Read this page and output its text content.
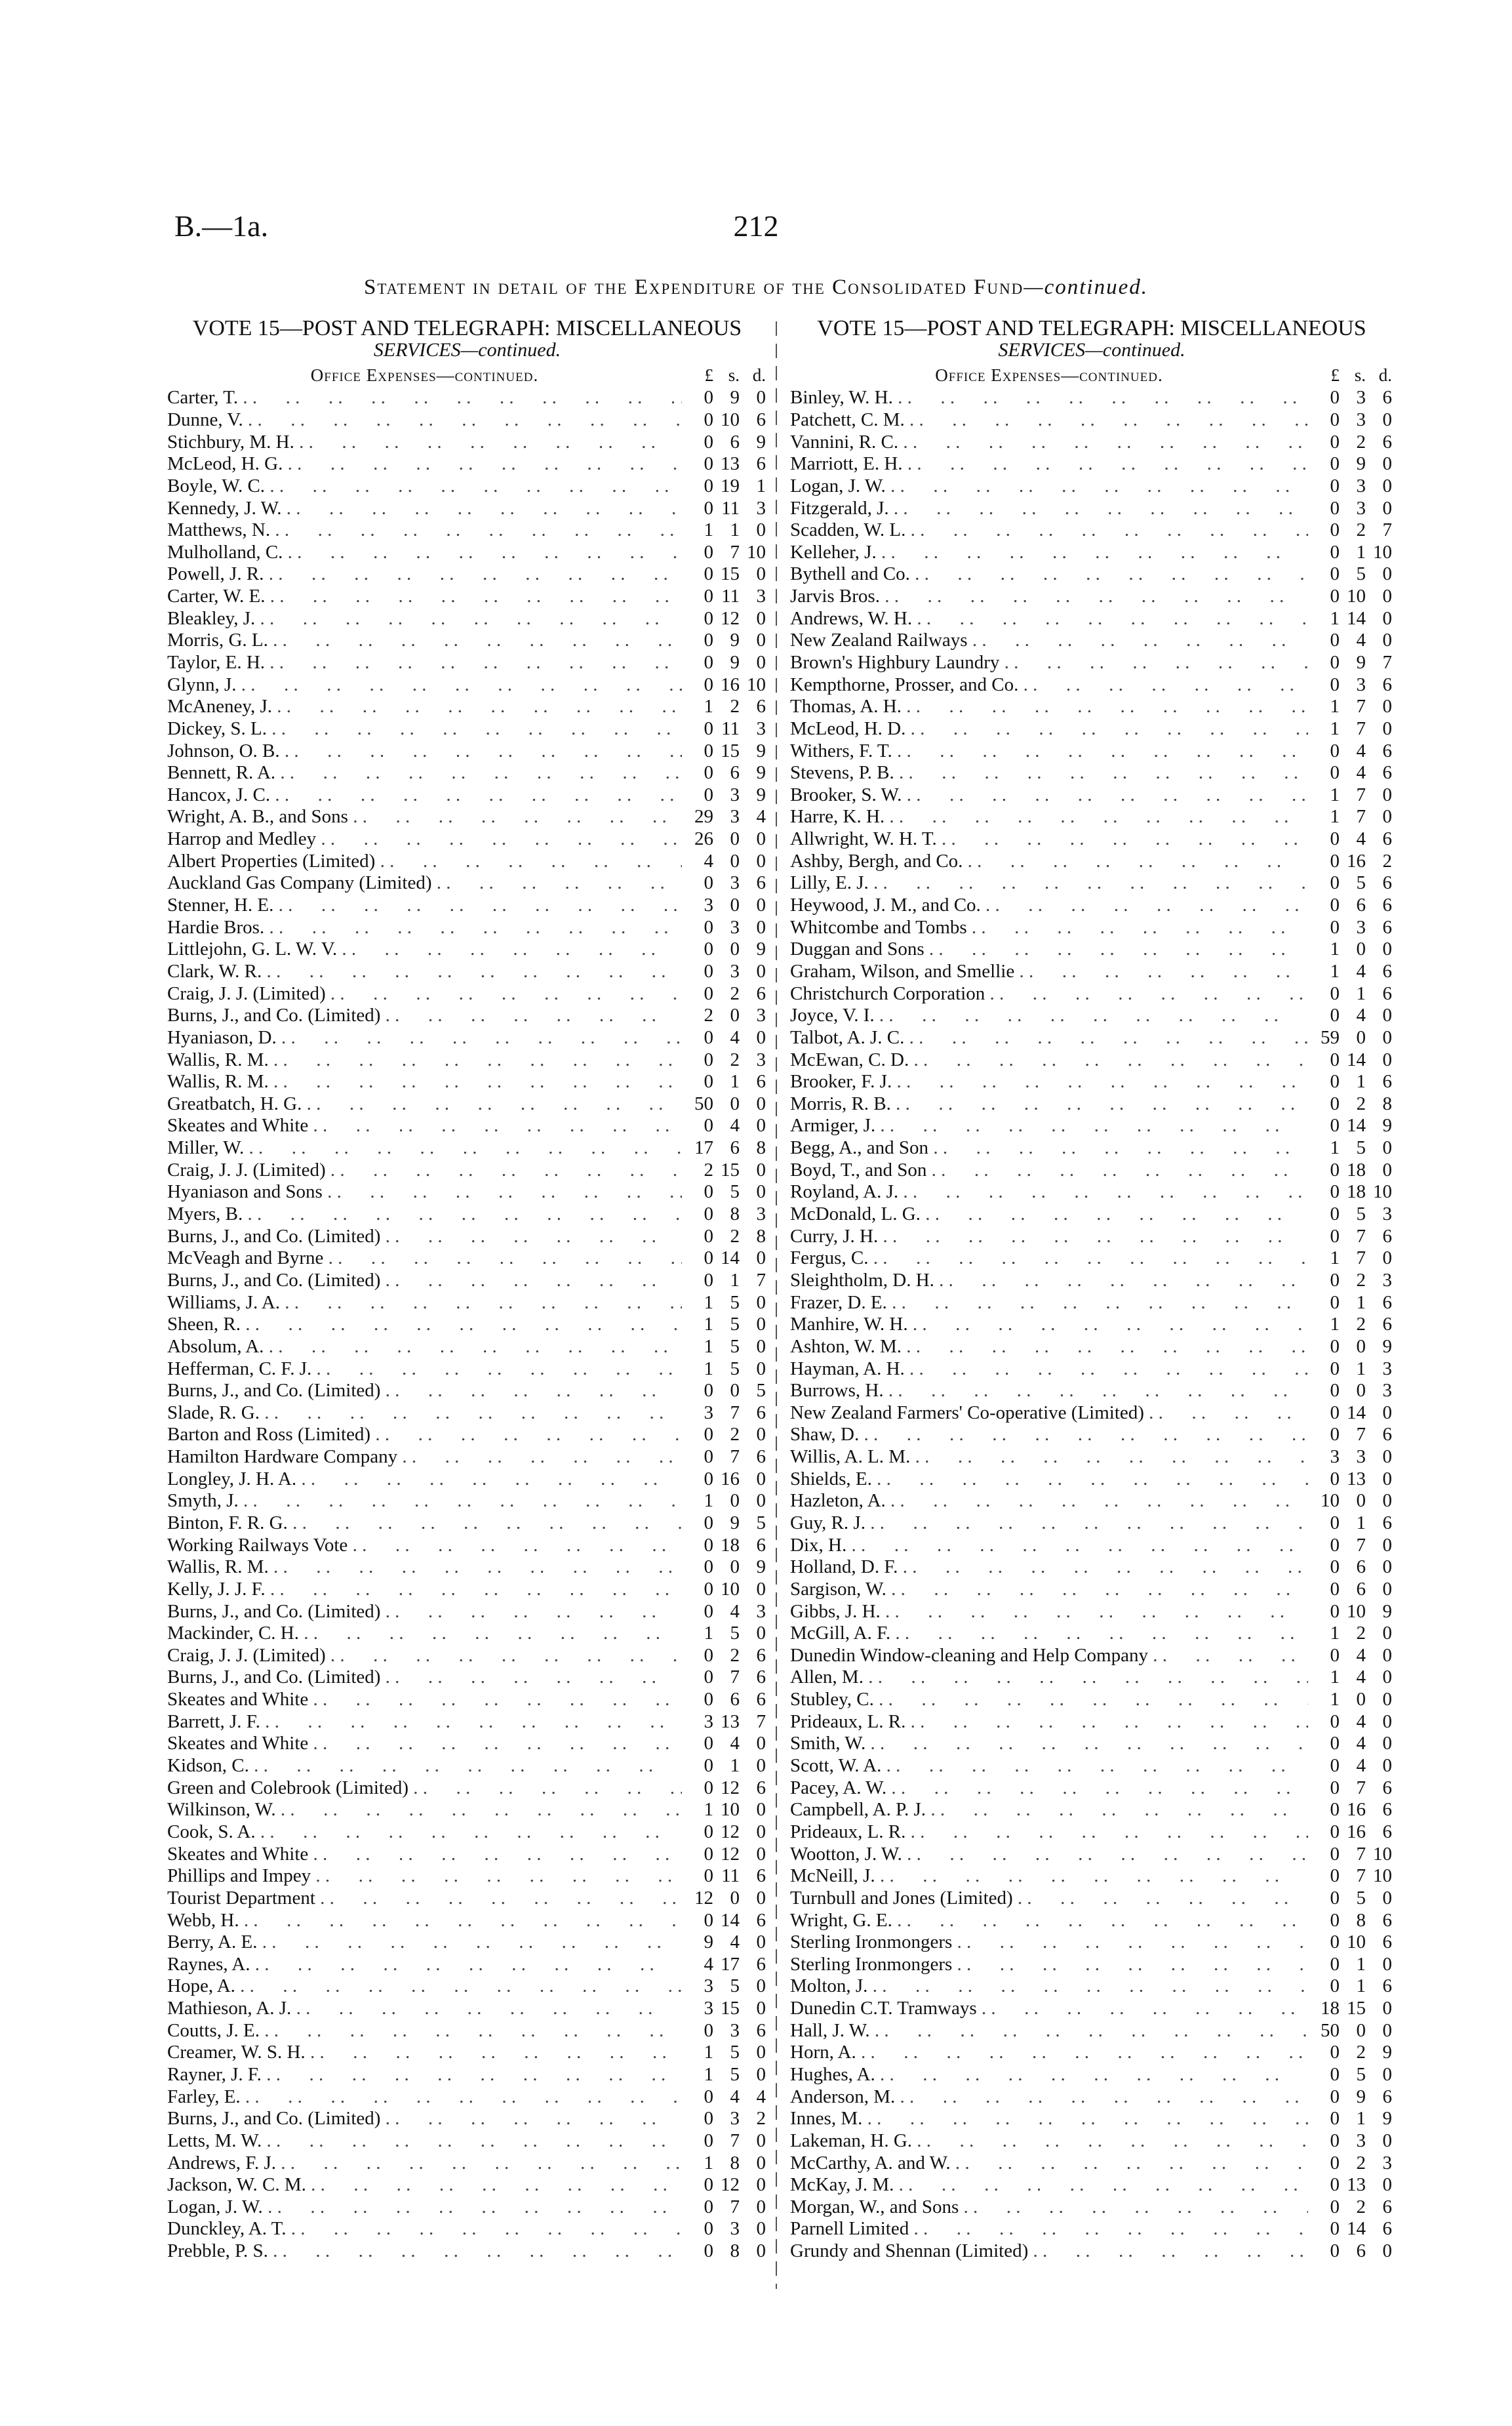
B.—1a.	212
Statement in detail of the Expenditure of the Consolidated Fund—continued.
VOTE 15—POST AND TELEGRAPH: MISCELLANEOUS
SERVICES—continued.
Office Expenses—continued.	£ s. d.
Carter, T. . .	0 9 0
Dunne, V. . .	0 10 6
Stichbury, M. H. . .	0 6 9
McLeod, H. G. . .	0 13 6
Boyle, W. C. . .	0 19 1
Kennedy, J. W. . .	0 11 3
Matthews, N. . .	1 1 0
Mulholland, C. . .	0 7 10
Powell, J. R. . .	0 15 0
Carter, W. E. . .	0 11 3
Bleakley, J. . .	0 12 0
Morris, G. L. . .	0 9 0
Taylor, E. H. . .	0 9 0
Glynn, J. . .	0 16 10
McAneney, J. . .	1 2 6
Dickey, S. L. . .	0 11 3
Johnson, O. B. . .	0 15 9
Bennett, R. A. . .	0 6 9
Hancox, J. C. . .	0 3 9
Wright, A. B., and Sons . .	29 3 4
Harrop and Medley . .	26 0 0
Albert Properties (Limited) . .	4 0 0
Auckland Gas Company (Limited) . .	0 3 6
Stenner, H. E. . .	3 0 0
Hardie Bros. . .	0 3 0
Littlejohn, G. L. W. V. . .	0 0 9
Clark, W. R. . .	0 3 0
Craig, J. J. (Limited) . .	0 2 6
Burns, J., and Co. (Limited) . .	2 0 3
Hyaniason, D. . .	0 4 0
Wallis, R. M. . .	0 2 3
Wallis, R. M. . .	0 1 6
Greatbatch, H. G. . .	50 0 0
Skeates and White . .	0 4 0
Miller, W. . .	17 6 8
Craig, J. J. (Limited) . .	2 15 0
Hyaniason and Sons . .	0 5 0
Myers, B. . .	0 8 3
Burns, J., and Co. (Limited) . .	0 2 8
McVeagh and Byrne . .	0 14 0
Burns, J., and Co. (Limited) . .	0 1 7
Williams, J. A. . .	1 5 0
Sheen, R. . .	1 5 0
Absolum, A. . .	1 5 0
Hefferman, C. F. J. . .	1 5 0
Burns, J., and Co. (Limited) . .	0 0 5
Slade, R. G. . .	3 7 6
Barton and Ross (Limited) . .	0 2 0
Hamilton Hardware Company . .	0 7 6
Longley, J. H. A. . .	0 16 0
Smyth, J. . .	1 0 0
Binton, F. R. G. . .	0 9 5
Working Railways Vote . .	0 18 6
Wallis, R. M. . .	0 0 9
Kelly, J. J. F. . .	0 10 0
Burns, J., and Co. (Limited) . .	0 4 3
Mackinder, C. H. . .	1 5 0
Craig, J. J. (Limited) . .	0 2 6
Burns, J., and Co. (Limited) . .	0 7 6
Skeates and White . .	0 6 6
Barrett, J. F. . .	3 13 7
Skeates and White . .	0 4 0
Kidson, C. . .	0 1 0
Green and Colebrook (Limited) . .	0 12 6
Wilkinson, W. . .	1 10 0
Cook, S. A. . .	0 12 0
Skeates and White . .	0 12 0
Phillips and Impey . .	0 11 6
Tourist Department . .	12 0 0
Webb, H. . .	0 14 6
Berry, A. E. . .	9 4 0
Raynes, A. . .	4 17 6
Hope, A. . .	3 5 0
Mathieson, A. J. . .	3 15 0
Coutts, J. E. . .	0 3 6
Creamer, W. S. H. . .	1 5 0
Rayner, J. F. . .	1 5 0
Farley, E. . .	0 4 4
Burns, J., and Co. (Limited) . .	0 3 2
Letts, M. W. . .	0 7 0
Andrews, F. J. . .	1 8 0
Jackson, W. C. M. . .	0 12 0
Logan, J. W. . .	0 7 0
Dunckley, A. T. . .	0 3 0
Prebble, P. S. . .	0 8 0
VOTE 15—POST AND TELEGRAPH: MISCELLANEOUS
SERVICES—continued.
Office Expenses—continued.	£ s. d.
Binley, W. H. . .	0 3 6
Patchett, C. M. . .	0 3 0
Vannini, R. C. . .	0 2 6
Marriott, E. H. . .	0 9 0
Logan, J. W. . .	0 3 0
Fitzgerald, J. . .	0 3 0
Scadden, W. L. . .	0 2 7
Kelleher, J. . .	0 1 10
Bythell and Co. . .	0 5 0
Jarvis Bros. . .	0 10 0
Andrews, W. H. . .	1 14 0
New Zealand Railways . .	0 4 0
Brown's Highbury Laundry . .	0 9 7
Kempthorne, Prosser, and Co. . .	0 3 6
Thomas, A. H. . .	1 7 0
McLeod, H. D. . .	1 7 0
Withers, F. T. . .	0 4 6
Stevens, P. B. . .	0 4 6
Brooker, S. W. . .	1 7 0
Harre, K. H. . .	1 7 0
Allwright, W. H. T. . .	0 4 6
Ashby, Bergh, and Co. . .	0 16 2
Lilly, E. J. . .	0 5 6
Heywood, J. M., and Co. . .	0 6 6
Whitcombe and Tombs . .	0 3 6
Duggan and Sons . .	1 0 0
Graham, Wilson, and Smellie . .	1 4 6
Christchurch Corporation . .	0 1 6
Joyce, V. I. . .	0 4 0
Talbot, A. J. C. . .	59 0 0
McEwan, C. D. . .	0 14 0
Brooker, F. J. . .	0 1 6
Morris, R. B. . .	0 2 8
Armiger, J. . .	0 14 9
Begg, A., and Son . .	1 5 0
Boyd, T., and Son . .	0 18 0
Royland, A. J. . .	0 18 10
McDonald, L. G. . .	0 5 3
Curry, J. H. . .	0 7 6
Fergus, C. . .	1 7 0
Sleightholm, D. H. . .	0 2 3
Frazer, D. E. . .	0 1 6
Manhire, W. H. . .	1 2 6
Ashton, W. M. . .	0 0 9
Hayman, A. H. . .	0 1 3
Burrows, H. . .	0 0 3
New Zealand Farmers' Co-operative (Limited) . .	0 14 0
Shaw, D. . .	0 7 6
Willis, A. L. M. . .	3 3 0
Shields, E. . .	0 13 0
Hazleton, A. . .	10 0 0
Guy, R. J. . .	0 1 6
Dix, H. . .	0 7 0
Holland, D. F. . .	0 6 0
Sargison, W. . .	0 6 0
Gibbs, J. H. . .	0 10 9
McGill, A. F. . .	1 2 0
Dunedin Window-cleaning and Help Company . .	0 4 0
Allen, M. . .	1 4 0
Stubley, C. . .	1 0 0
Prideaux, L. R. . .	0 4 0
Smith, W. . .	0 4 0
Scott, W. A. . .	0 4 0
Pacey, A. W. . .	0 7 6
Campbell, A. P. J. . .	0 16 6
Prideaux, L. R. . .	0 16 6
Wootton, J. W. . .	0 7 10
McNeill, J. . .	0 7 10
Turnbull and Jones (Limited) . .	0 5 0
Wright, G. E. . .	0 8 6
Sterling Ironmongers . .	0 10 6
Sterling Ironmongers . .	0 1 0
Molton, J. . .	0 1 6
Dunedin C.T. Tramways . .	18 15 0
Hall, J. W. . .	50 0 0
Horn, A. . .	0 2 9
Hughes, A. . .	0 5 0
Anderson, M. . .	0 9 6
Innes, M. . .	0 1 9
Lakeman, H. G. . .	0 3 0
McCarthy, A. and W. . .	0 2 3
McKay, J. M. . .	0 13 0
Morgan, W., and Sons . .	0 2 6
Parnell Limited . .	0 14 6
Grundy and Shennan (Limited) . .	0 6 0
